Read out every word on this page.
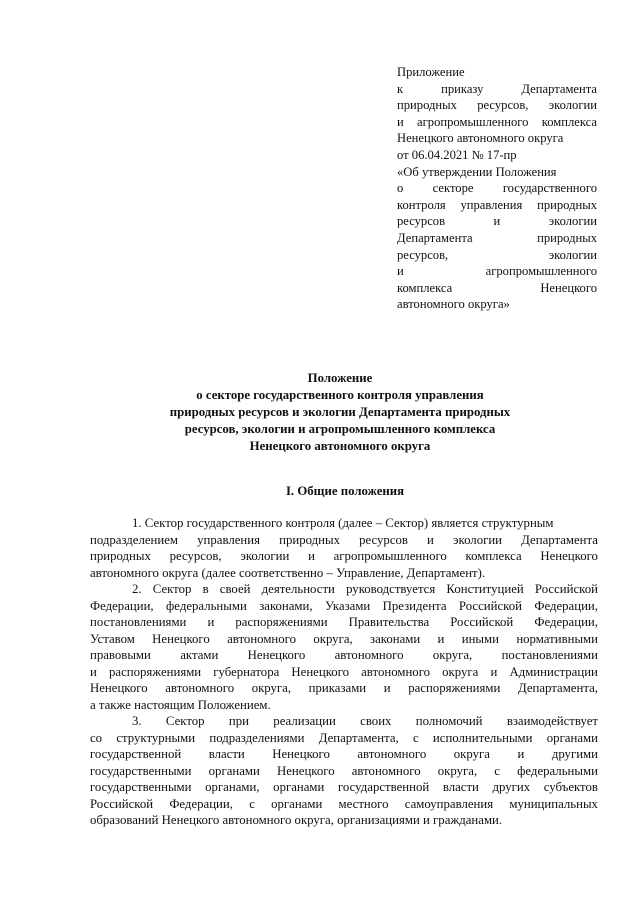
Приложение
к	приказу	Департамента
природных ресурсов, экологии
и агропромышленного комплекса
Ненецкого автономного округа
от 06.04.2021 № 17-пр
«Об утверждении Положения
о секторе государственного
контроля управления природных
ресурсов	и	экологии
Департамента	природных
ресурсов,	экологии
и	агропромышленного
комплекса	Ненецкого
автономного округа»
Положение
о секторе государственного контроля управления
природных ресурсов и экологии Департамента природных
ресурсов, экологии и агропромышленного комплекса
Ненецкого автономного округа
I. Общие положения
1. Сектор государственного контроля (далее – Сектор) является структурным
подразделением управления природных ресурсов и экологии Департамента
природных ресурсов, экологии и агропромышленного комплекса Ненецкого
автономного округа (далее соответственно – Управление, Департамент).
2. Сектор в своей деятельности руководствуется Конституцией Российской
Федерации, федеральными законами, Указами Президента Российской Федерации,
постановлениями и распоряжениями Правительства Российской Федерации,
Уставом Ненецкого автономного округа, законами и иными нормативными
правовыми актами Ненецкого автономного округа, постановлениями
и распоряжениями губернатора Ненецкого автономного округа и Администрации
Ненецкого автономного округа, приказами и распоряжениями Департамента,
а также настоящим Положением.
3. Сектор при реализации своих полномочий взаимодействует
со структурными подразделениями Департамента, с исполнительными органами
государственной власти Ненецкого автономного округа и другими
государственными органами Ненецкого автономного округа, с федеральными
государственными органами, органами государственной власти других субъектов
Российской Федерации, с органами местного самоуправления муниципальных
образований Ненецкого автономного округа, организациями и гражданами.
